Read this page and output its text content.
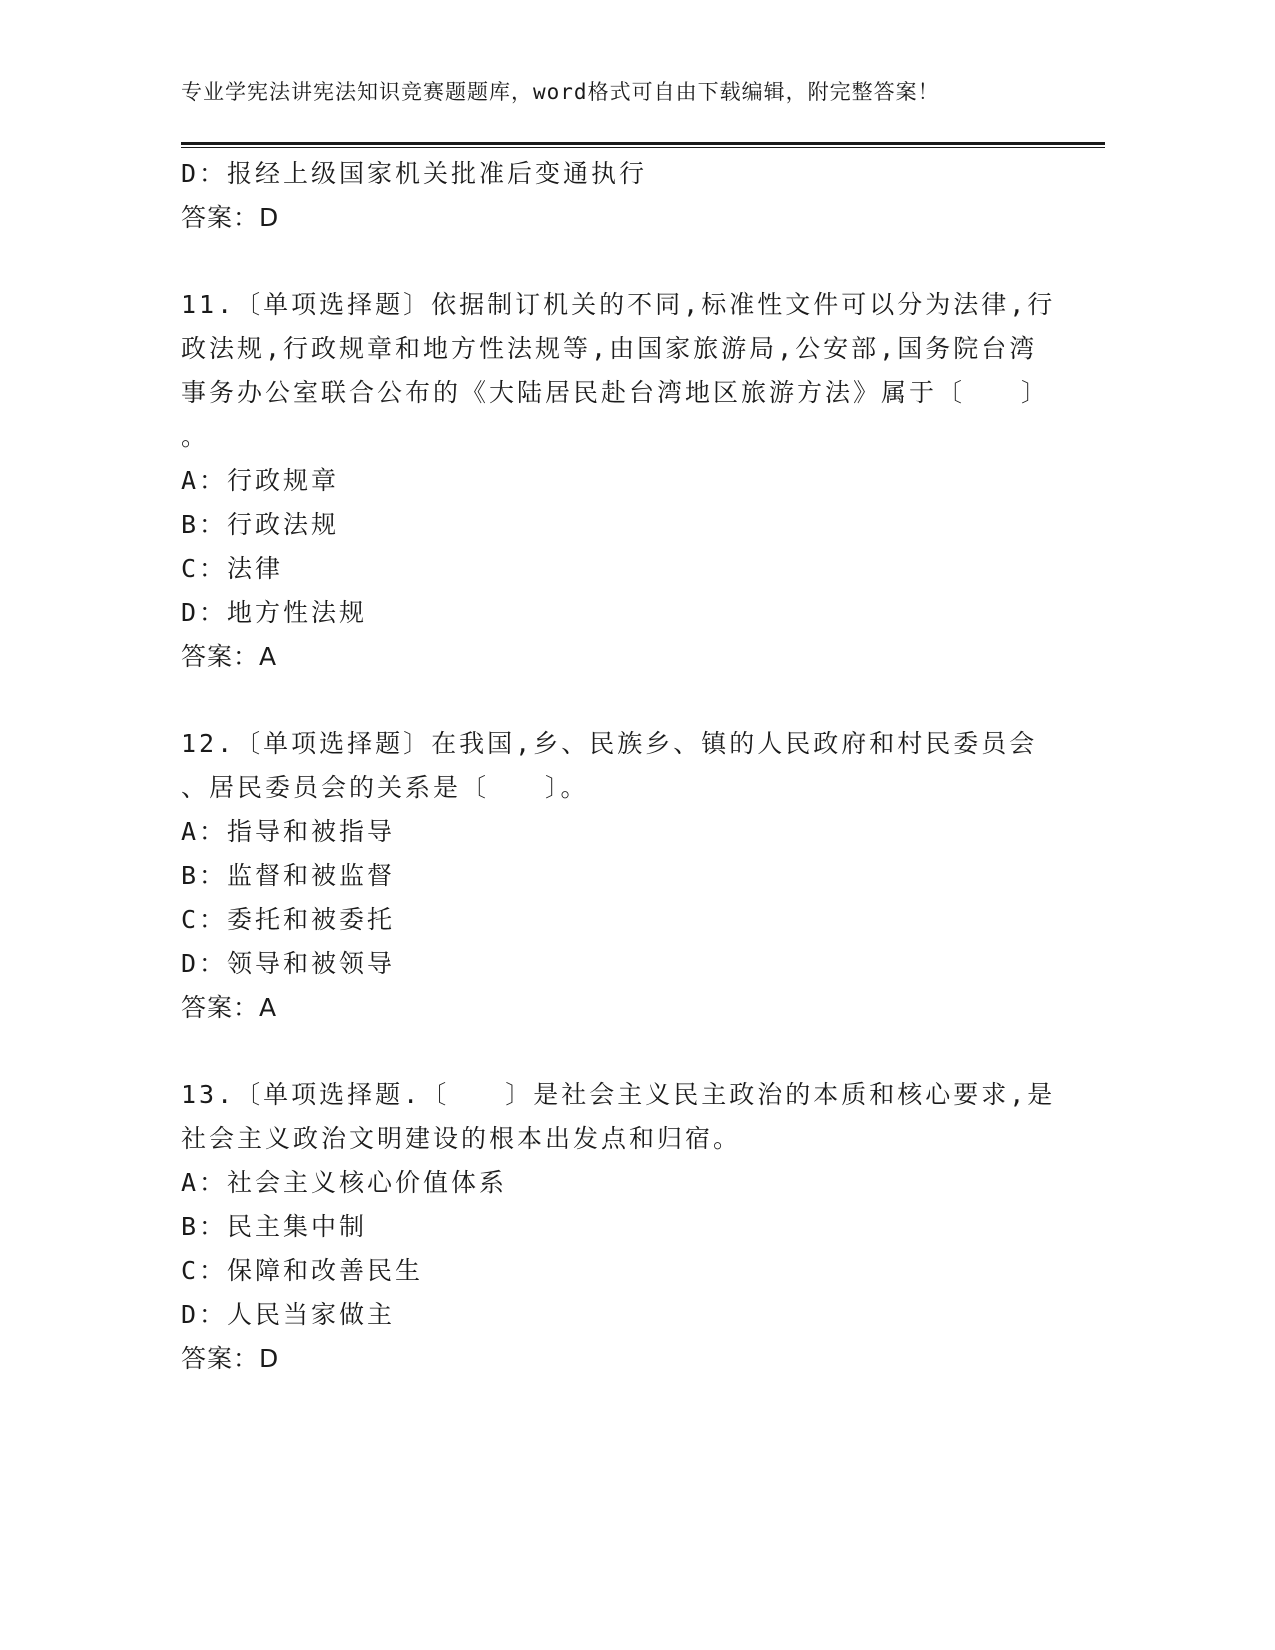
专业学宪法讲宪法知识竞赛题题库，word格式可自由下载编辑，附完整答案！
D：报经上级国家机关批准后变通执行
答案：D
11.〔单项选择题〕依据制订机关的不同,标准性文件可以分为法律,行
政法规,行政规章和地方性法规等,由国家旅游局,公安部,国务院台湾
事务办公室联合公布的《大陆居民赴台湾地区旅游方法》属于〔　　〕
。
A：行政规章
B：行政法规
C：法律
D：地方性法规
答案：A
12.〔单项选择题〕在我国,乡、民族乡、镇的人民政府和村民委员会
、居民委员会的关系是〔　　〕。
A：指导和被指导
B：监督和被监督
C：委托和被委托
D：领导和被领导
答案：A
13.〔单项选择题.〔　　〕是社会主义民主政治的本质和核心要求,是
社会主义政治文明建设的根本出发点和归宿。
A：社会主义核心价值体系
B：民主集中制
C：保障和改善民生
D：人民当家做主
答案：D
